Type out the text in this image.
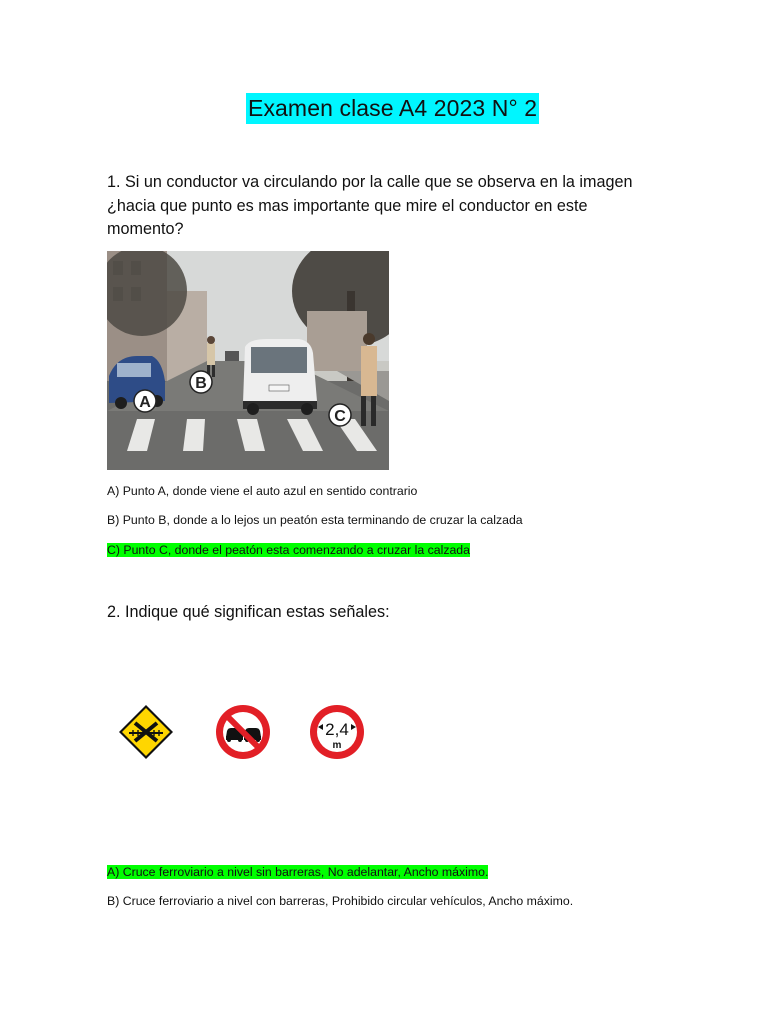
Examen clase A4 2023 N° 2
1. Si un conductor va circulando por la calle que se observa en la imagen ¿hacia que punto es mas importante que mire el conductor en este momento?
A
B
C
A) Punto A, donde viene el auto azul en sentido contrario
B) Punto B, donde a lo lejos un peatón esta terminando de cruzar la calzada
C) Punto C, donde el peatón esta comenzando a cruzar la calzada
2. Indique qué significan estas señales:
2,4
m
A) Cruce ferroviario a nivel sin barreras, No adelantar, Ancho máximo.
B) Cruce ferroviario a nivel con barreras, Prohibido circular vehículos, Ancho máximo.
